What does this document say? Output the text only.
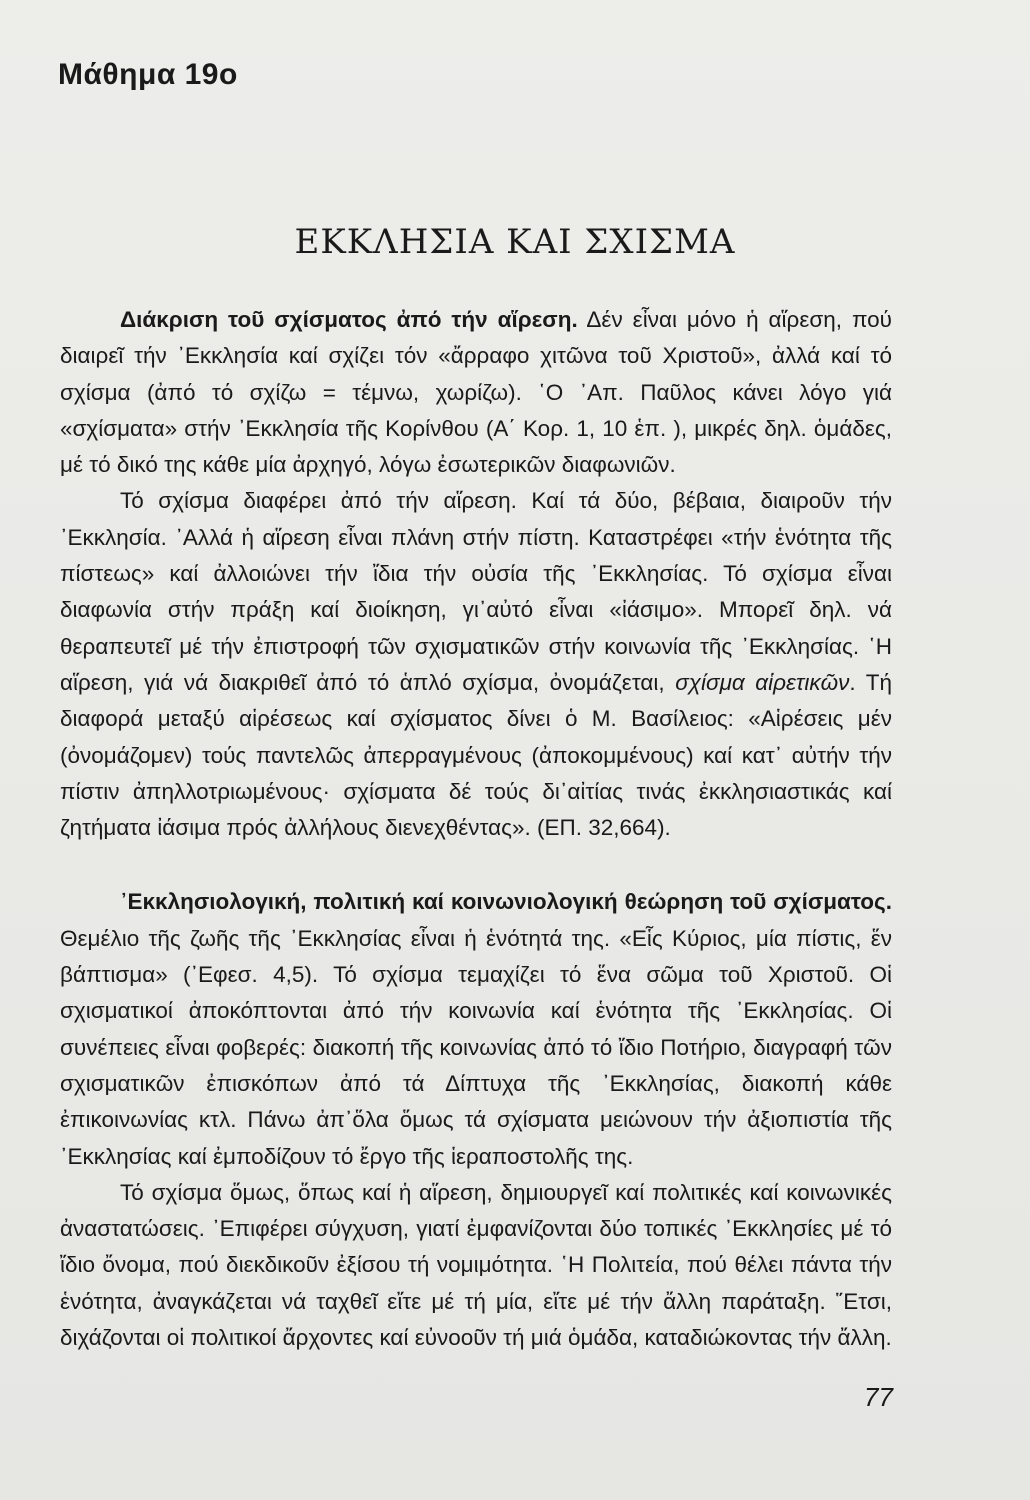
Μάθημα 19ο
ΕΚΚΛΗΣΙΑ ΚΑΙ ΣΧΙΣΜΑ

Διάκριση τοῦ σχίσματος ἀπό τήν αἵρεση. Δέν εἶναι μόνο ἡ αἵρεση, πού διαιρεῖ τήν ᾿Εκκλησία καί σχίζει τόν «ἄρραφο χιτῶνα τοῦ Χριστοῦ», ἀλλά καί τό σχίσμα (ἀπό τό σχίζω = τέμνω, χωρίζω). ῾Ο ᾿Απ. Παῦλος κάνει λόγο γιά «σχίσματα» στήν ᾿Εκκλησία τῆς Κορίνθου (Α΄ Κορ. 1, 10 ἑπ. ), μικρές δηλ. ὁμάδες, μέ τό δικό της κάθε μία ἀρχηγό, λόγω ἐσωτερικῶν διαφωνιῶν.

Τό σχίσμα διαφέρει ἀπό τήν αἵρεση. Καί τά δύο, βέβαια, διαιροῦν τήν ᾿Εκκλησία. ᾿Αλλά ἡ αἵρεση εἶναι πλάνη στήν πίστη. Καταστρέφει «τήν ἑνότητα τῆς πίστεως» καί ἀλλοιώνει τήν ἴδια τήν οὐσία τῆς ᾿Εκκλησίας. Τό σχίσμα εἶναι διαφωνία στήν πράξη καί διοίκηση, γι᾿αὐτό εἶναι «ἰάσιμο». Μπορεῖ δηλ. νά θεραπευτεῖ μέ τήν ἐπιστροφή τῶν σχισματικῶν στήν κοινωνία τῆς ᾿Εκκλησίας. ῾Η αἵρεση, γιά νά διακριθεῖ ἀπό τό ἁπλό σχίσμα, ὀνομάζεται, σχίσμα αἱρετικῶν. Τή διαφορά μεταξύ αἱρέσεως καί σχίσματος δίνει ὁ Μ. Βασίλειος: «Αἱρέσεις μέν (ὀνομάζομεν) τούς παντελῶς ἀπερραγμένους (ἀποκομμένους) καί κατ᾿ αὐτήν τήν πίστιν ἀπηλλοτριωμένους· σχίσματα δέ τούς δι᾿αἰτίας τινάς ἐκκλησιαστικάς καί ζητήματα ἰάσιμα πρός ἀλλήλους διενεχθέντας». (ΕΠ. 32,664).

᾿Εκκλησιολογική, πολιτική καί κοινωνιολογική θεώρηση τοῦ σχίσματος. Θεμέλιο τῆς ζωῆς τῆς ᾿Εκκλησίας εἶναι ἡ ἑνότητά της. «Εἷς Κύριος, μία πίστις, ἕν βάπτισμα» (᾿Εφεσ. 4,5). Τό σχίσμα τεμαχίζει τό ἕνα σῶμα τοῦ Χριστοῦ. Οἱ σχισματικοί ἀποκόπτονται ἀπό τήν κοινωνία καί ἑνότητα τῆς ᾿Εκκλησίας. Οἱ συνέπειες εἶναι φοβερές: διακοπή τῆς κοινωνίας ἀπό τό ἴδιο Ποτήριο, διαγραφή τῶν σχισματικῶν ἐπισκόπων ἀπό τά Δίπτυχα τῆς ᾿Εκκλησίας, διακοπή κάθε ἐπικοινωνίας κτλ. Πάνω ἀπ᾿ὅλα ὅμως τά σχίσματα μειώνουν τήν ἀξιοπιστία τῆς ᾿Εκκλησίας καί ἐμποδίζουν τό ἔργο τῆς ἱεραποστολῆς της.

Τό σχίσμα ὅμως, ὅπως καί ἡ αἵρεση, δημιουργεῖ καί πολιτικές καί κοινωνικές ἀναστατώσεις. ᾿Επιφέρει σύγχυση, γιατί ἐμφανίζονται δύο τοπικές ᾿Εκκλησίες μέ τό ἴδιο ὄνομα, πού διεκδικοῦν ἐξίσου τή νομιμότητα. ῾Η Πολιτεία, πού θέλει πάντα τήν ἑνότητα, ἀναγκάζεται νά ταχθεῖ εἴτε μέ τή μία, εἴτε μέ τήν ἄλλη παράταξη. ῞Ετσι, διχάζονται οἱ πολιτικοί ἄρχοντες καί εὐνοοῦν τή μιά ὁμάδα, καταδιώκοντας τήν ἄλλη.

77
